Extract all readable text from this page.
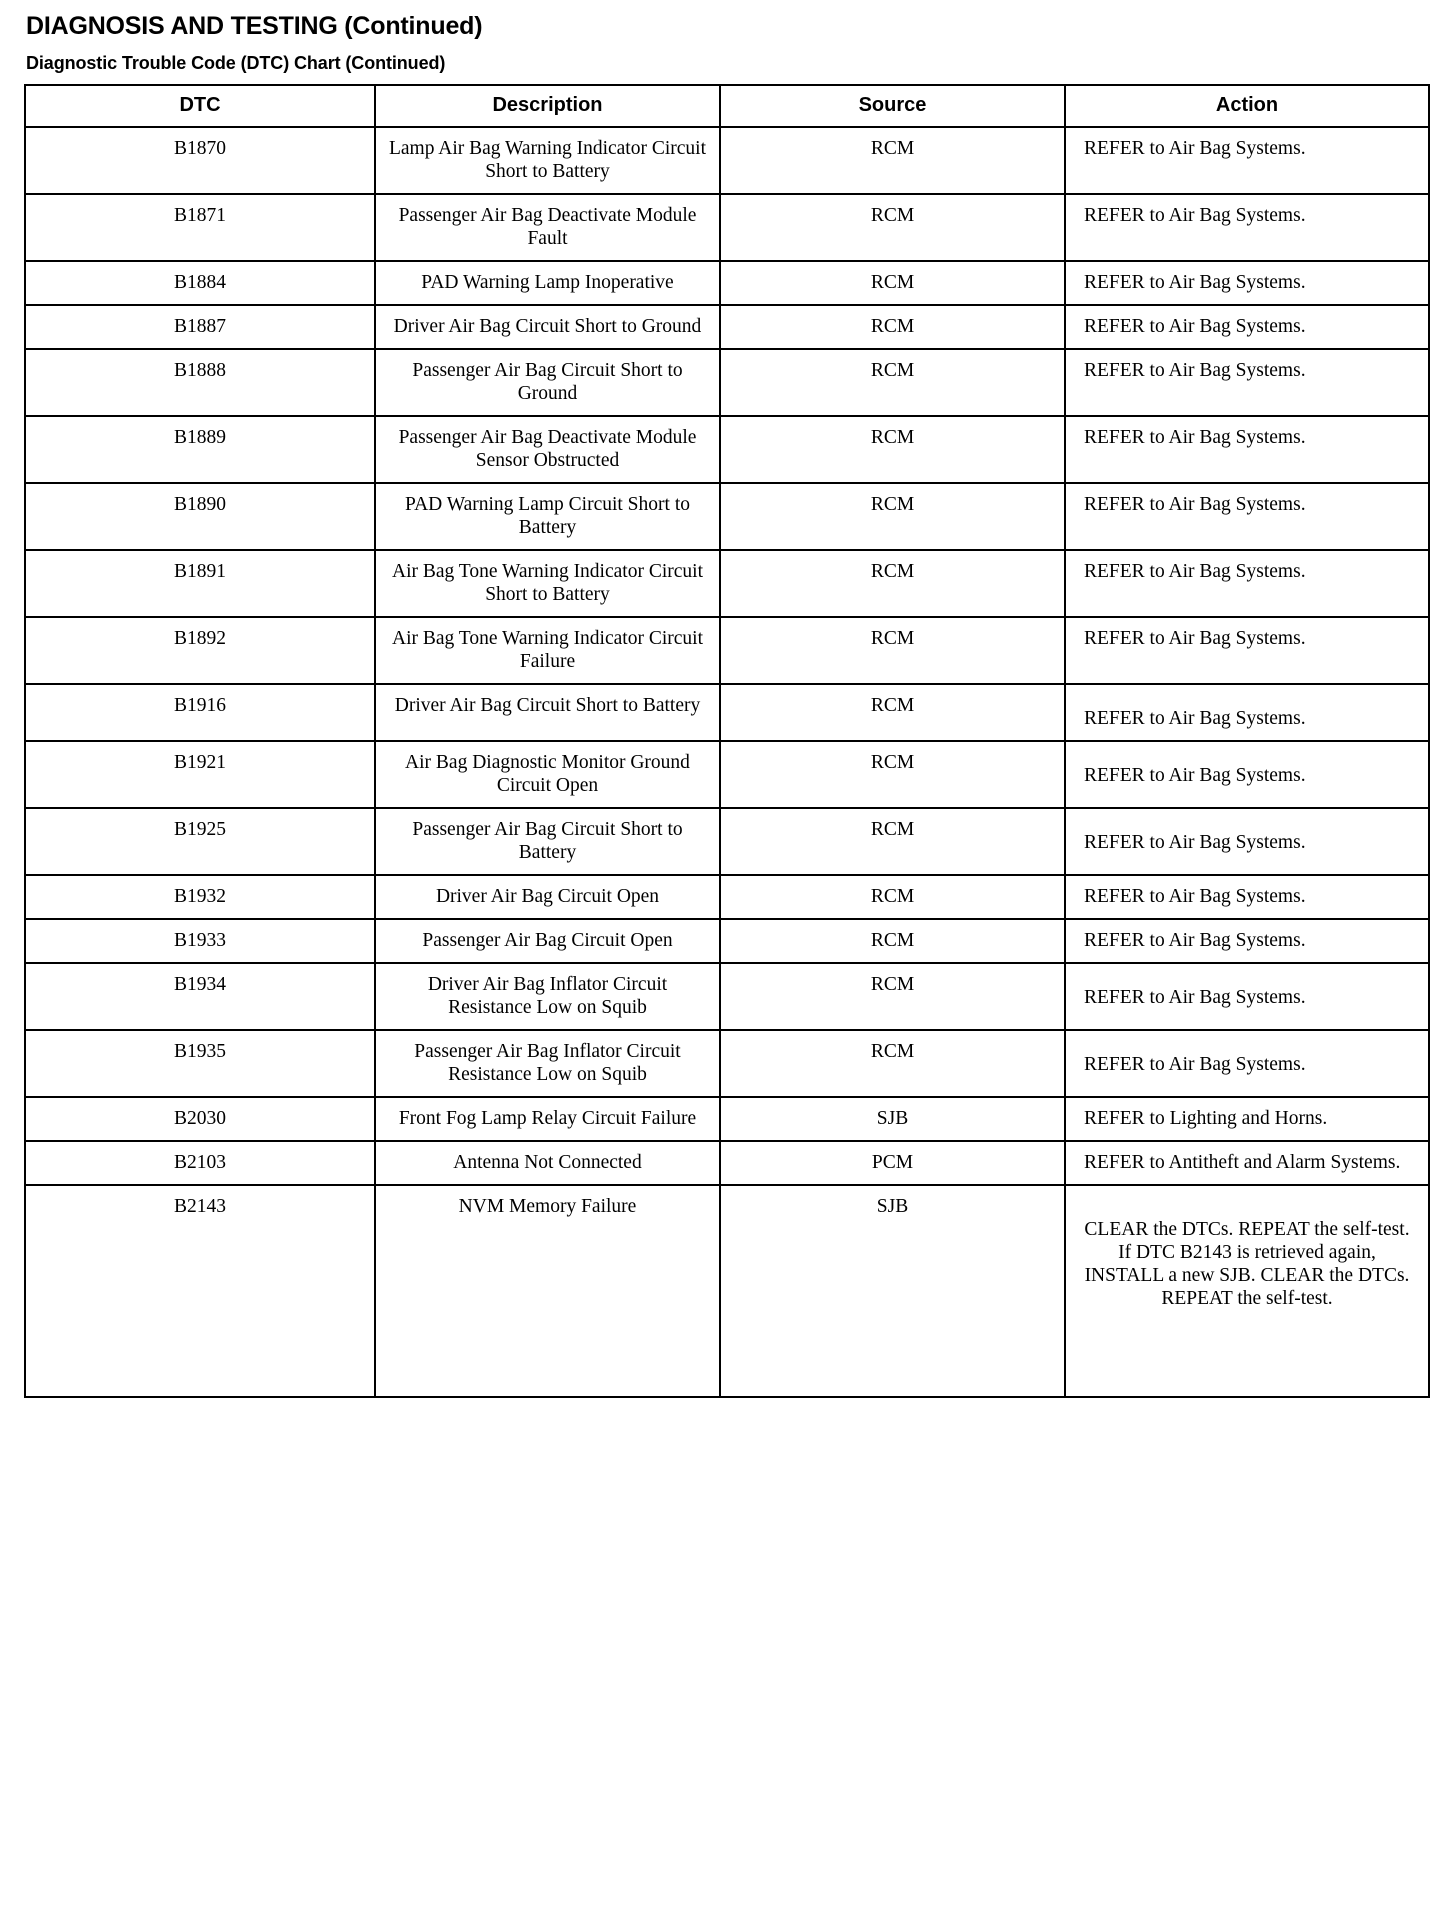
DIAGNOSIS AND TESTING (Continued)
Diagnostic Trouble Code (DTC) Chart (Continued)
DTC	Description	Source	Action

B1870	Lamp Air Bag Warning Indicator Circuit Short to Battery	RCM	REFER to Air Bag Systems.

B1871	Passenger Air Bag Deactivate Module Fault	RCM	REFER to Air Bag Systems.

B1884	PAD Warning Lamp Inoperative	RCM	REFER to Air Bag Systems.

B1887	Driver Air Bag Circuit Short to Ground	RCM	REFER to Air Bag Systems.

B1888	Passenger Air Bag Circuit Short to Ground	RCM	REFER to Air Bag Systems.

B1889	Passenger Air Bag Deactivate Module Sensor Obstructed	RCM	REFER to Air Bag Systems.

B1890	PAD Warning Lamp Circuit Short to Battery	RCM	REFER to Air Bag Systems.

B1891	Air Bag Tone Warning Indicator Circuit Short to Battery	RCM	REFER to Air Bag Systems.

B1892	Air Bag Tone Warning Indicator Circuit Failure	RCM	REFER to Air Bag Systems.

B1916	Driver Air Bag Circuit Short to Battery	RCM	REFER to Air Bag Systems.

B1921	Air Bag Diagnostic Monitor Ground Circuit Open	RCM	REFER to Air Bag Systems.

B1925	Passenger Air Bag Circuit Short to Battery	RCM	REFER to Air Bag Systems.

B1932	Driver Air Bag Circuit Open	RCM	REFER to Air Bag Systems.

B1933	Passenger Air Bag Circuit Open	RCM	REFER to Air Bag Systems.

B1934	Driver Air Bag Inflator Circuit Resistance Low on Squib	RCM	REFER to Air Bag Systems.

B1935	Passenger Air Bag Inflator Circuit Resistance Low on Squib	RCM	REFER to Air Bag Systems.

B2030	Front Fog Lamp Relay Circuit Failure	SJB	REFER to Lighting and Horns.

B2103	Antenna Not Connected	PCM	REFER to Antitheft and Alarm Systems.

B2143	NVM Memory Failure	SJB	CLEAR the DTCs. REPEAT the self-test. If DTC B2143 is retrieved again, INSTALL a new SJB. CLEAR the DTCs. REPEAT the self-test.
